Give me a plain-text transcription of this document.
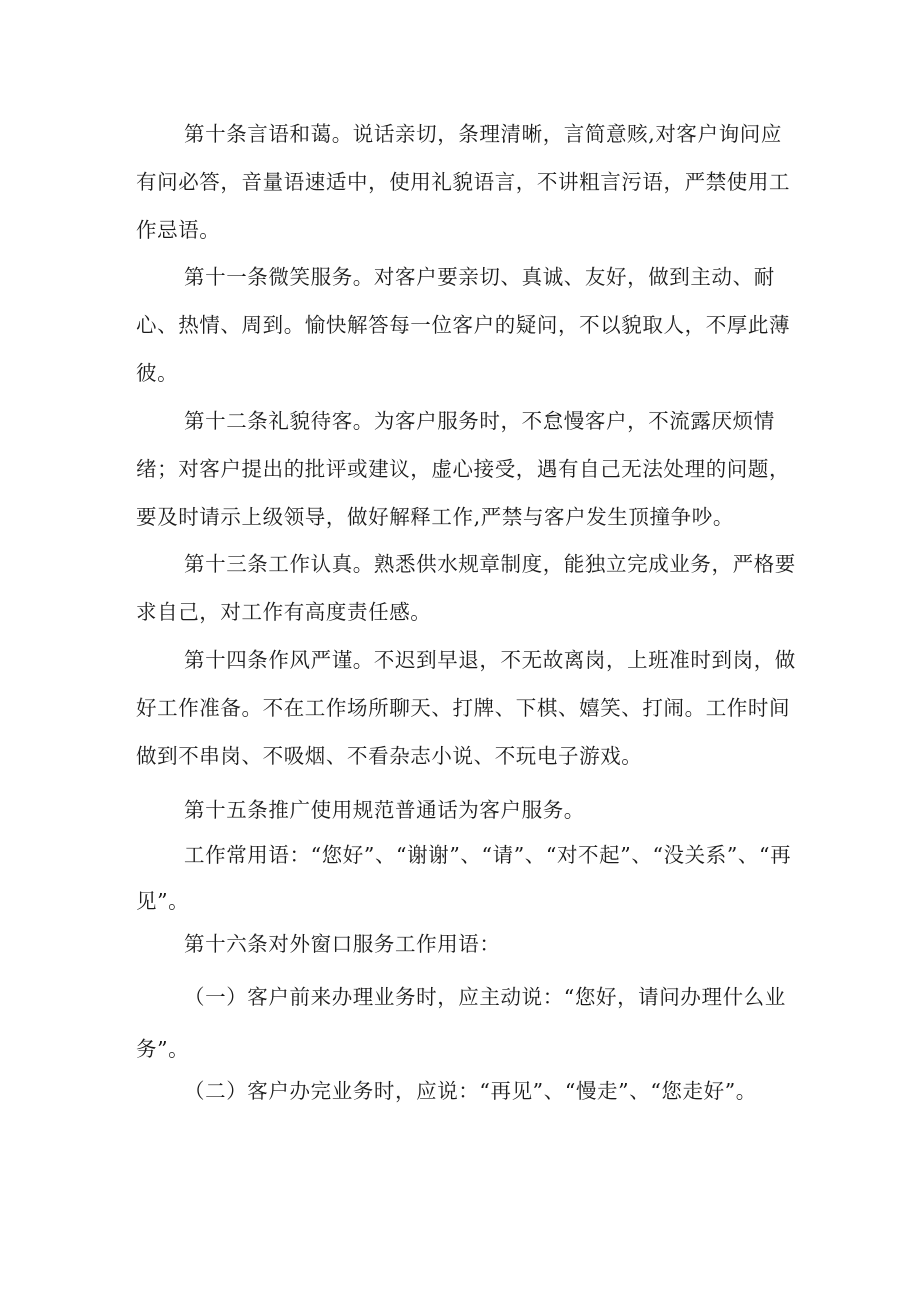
第十条言语和蔼。说话亲切，条理清晰，言简意赅,对客户询问应有问必答，音量语速适中，使用礼貌语言，不讲粗言污语，严禁使用工作忌语。

第十一条微笑服务。对客户要亲切、真诚、友好，做到主动、耐心、热情、周到。愉快解答每一位客户的疑问，不以貌取人，不厚此薄彼。

第十二条礼貌待客。为客户服务时，不怠慢客户，不流露厌烦情绪；对客户提出的批评或建议，虚心接受，遇有自己无法处理的问题，要及时请示上级领导，做好解释工作,严禁与客户发生顶撞争吵。

第十三条工作认真。熟悉供水规章制度，能独立完成业务，严格要求自己，对工作有高度责任感。

第十四条作风严谨。不迟到早退，不无故离岗，上班准时到岗，做好工作准备。不在工作场所聊天、打牌、下棋、嬉笑、打闹。工作时间做到不串岗、不吸烟、不看杂志小说、不玩电子游戏。

第十五条推广使用规范普通话为客户服务。

工作常用语：“您好”、“谢谢”、“请”、“对不起”、“没关系”、“再见”。

第十六条对外窗口服务工作用语：

（一）客户前来办理业务时，应主动说：“您好，请问办理什么业务”。

（二）客户办完业务时，应说：“再见”、“慢走”、“您走好”。
